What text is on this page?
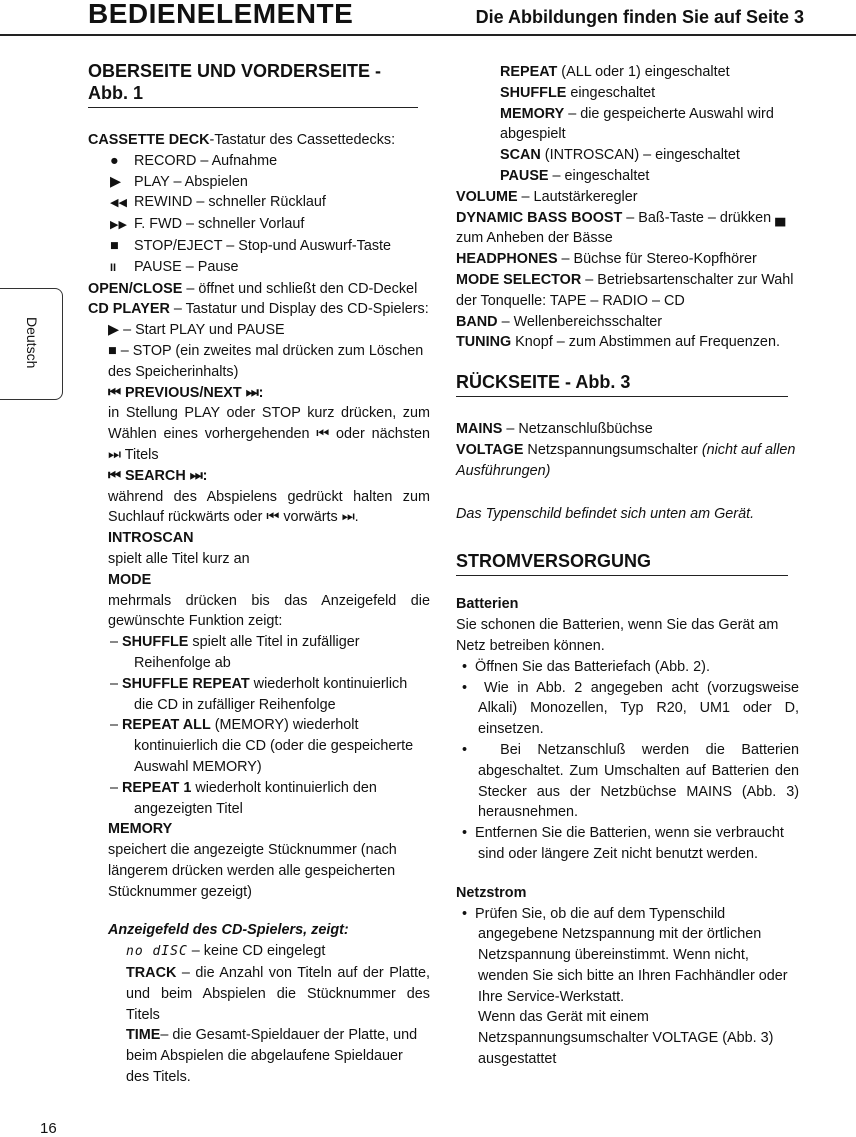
BEDIENELEMENTE	Die Abbildungen finden Sie auf Seite 3
Deutsch
OBERSEITE UND VORDERSEITE - Abb. 1

CASSETTE DECK-Tastatur des Cassettedecks:

● RECORD – Aufnahme

▶ PLAY – Abspielen

◀◀ REWIND – schneller Rücklauf

▶▶ F. FWD – schneller Vorlauf

■ STOP/EJECT – Stop-und Auswurf-Taste

II PAUSE – Pause

OPEN/CLOSE – öffnet und schließt den CD-Deckel

CD PLAYER – Tastatur und Display des CD-Spielers:

▶ – Start PLAY und PAUSE

■ – STOP (ein zweites mal drücken zum Löschen des Speicherinhalts)

⏮ PREVIOUS/NEXT ⏭:

in Stellung PLAY oder STOP kurz drücken, zum Wählen eines vorhergehenden ⏮ oder nächsten ⏭ Titels

⏮ SEARCH ⏭:

während des Abspielens gedrückt halten zum Suchlauf rückwärts oder ⏮ vorwärts ⏭.

INTROSCAN

spielt alle Titel kurz an

MODE

mehrmals drücken bis das Anzeigefeld die gewünschte Funktion zeigt:

– SHUFFLE spielt alle Titel in zufälliger Reihenfolge ab

– SHUFFLE REPEAT wiederholt kontinuierlich die CD in zufälliger Reihenfolge

– REPEAT ALL (MEMORY) wiederholt kontinuierlich die CD (oder die gespeicherte Auswahl MEMORY)

– REPEAT 1 wiederholt kontinuierlich den angezeigten Titel

MEMORY

speichert die angezeigte Stücknummer (nach längerem drücken werden alle gespeicherten Stücknummer gezeigt)

Anzeigefeld des CD-Spielers, zeigt:

no dISC – keine CD eingelegt

TRACK – die Anzahl von Titeln auf der Platte, und beim Abspielen die Stücknummer des Titels

TIME– die Gesamt-Spieldauer der Platte, und beim Abspielen die abgelaufene Spieldauer des Titels.

REPEAT (ALL oder 1) eingeschaltet

SHUFFLE eingeschaltet

MEMORY – die gespeicherte Auswahl wird abgespielt

SCAN (INTROSCAN) – eingeschaltet

PAUSE – eingeschaltet

VOLUME – Lautstärkeregler

DYNAMIC BASS BOOST – Baß-Taste – drükken ▄ zum Anheben der Bässe

HEADPHONES – Büchse für Stereo-Kopfhörer

MODE SELECTOR – Betriebsartenschalter zur Wahl der Tonquelle: TAPE – RADIO – CD

BAND – Wellenbereichsschalter

TUNING Knopf – zum Abstimmen auf Frequenzen.

RÜCKSEITE - Abb. 3

MAINS – Netzanschlußbüchse

VOLTAGE Netzspannungsumschalter (nicht auf allen Ausführungen)

Das Typenschild befindet sich unten am Gerät.

STROMVERSORGUNG

Batterien

Sie schonen die Batterien, wenn Sie das Gerät am Netz betreiben können.

•  Öffnen Sie das Batteriefach (Abb. 2).

•  Wie in Abb. 2 angegeben acht (vorzugsweise Alkali) Monozellen, Typ R20, UM1 oder D, einsetzen.

•  Bei Netzanschluß werden die Batterien abgeschaltet. Zum Umschalten auf Batterien den Stecker aus der Netzbüchse MAINS (Abb. 3) herausnehmen.

•  Entfernen Sie die Batterien, wenn sie verbraucht sind oder längere Zeit nicht benutzt werden.

Netzstrom

•  Prüfen Sie, ob die auf dem Typenschild angegebene Netzspannung mit der örtlichen Netzspannung übereinstimmt. Wenn nicht, wenden Sie sich bitte an Ihren Fachhändler oder Ihre Service-Werkstatt.

Wenn das Gerät mit einem Netzspannungsumschalter VOLTAGE (Abb. 3) ausgestattet

16
